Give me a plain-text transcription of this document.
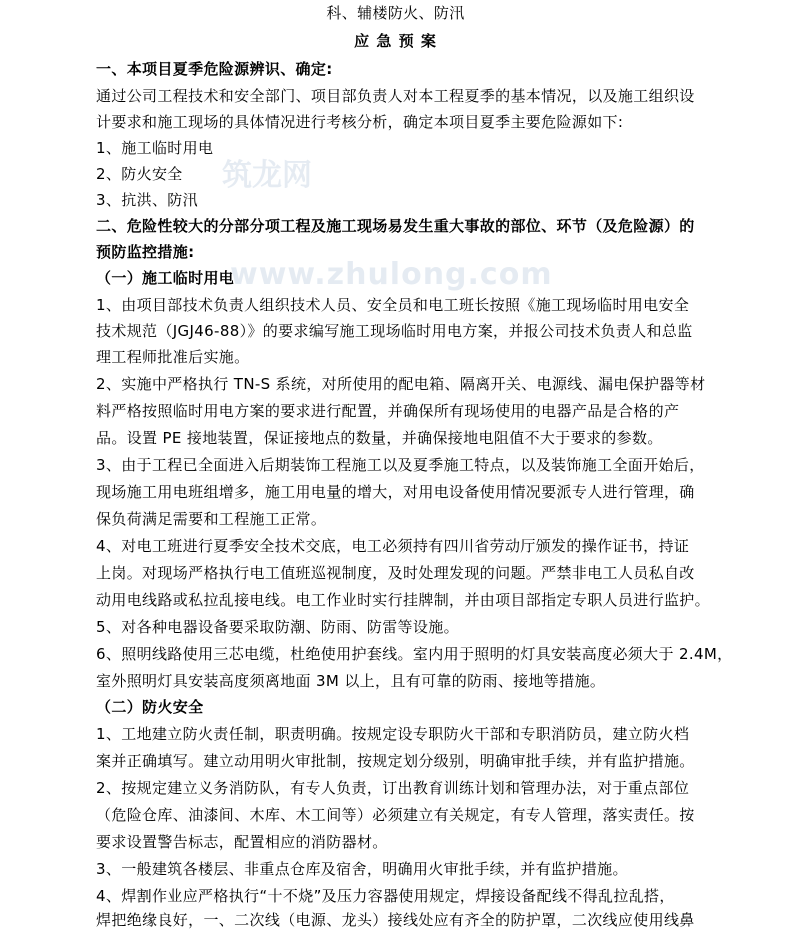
筑龙网
www.zhulong.com
科、辅楼防火、防汛
应 急 预 案
一、本项目夏季危险源辨识、确定:
通过公司工程技术和安全部门、项目部负责人对本工程夏季的基本情况，以及施工组织设
计要求和施工现场的具体情况进行考核分析，确定本项目夏季主要危险源如下:
1、施工临时用电
2、防火安全
3、抗洪、防汛
二、危险性较大的分部分项工程及施工现场易发生重大事故的部位、环节（及危险源）的
预防监控措施:
（一）施工临时用电
1、由项目部技术负责人组织技术人员、安全员和电工班长按照《施工现场临时用电安全
技术规范（JGJ46-88）》的要求编写施工现场临时用电方案，并报公司技术负责人和总监
理工程师批准后实施。
2、实施中严格执行 TN-S 系统，对所使用的配电箱、隔离开关、电源线、漏电保护器等材
料严格按照临时用电方案的要求进行配置，并确保所有现场使用的电器产品是合格的产
品。设置 PE 接地装置，保证接地点的数量，并确保接地电阻值不大于要求的参数。
3、由于工程已全面进入后期装饰工程施工以及夏季施工特点，以及装饰施工全面开始后，
现场施工用电班组增多，施工用电量的增大，对用电设备使用情况要派专人进行管理，确
保负荷满足需要和工程施工正常。
4、对电工班进行夏季安全技术交底，电工必须持有四川省劳动厅颁发的操作证书，持证
上岗。对现场严格执行电工值班巡视制度，及时处理发现的问题。严禁非电工人员私自改
动用电线路或私拉乱接电线。电工作业时实行挂牌制，并由项目部指定专职人员进行监护。
5、对各种电器设备要采取防潮、防雨、防雷等设施。
6、照明线路使用三芯电缆，杜绝使用护套线。室内用于照明的灯具安装高度必须大于 2.4M，
室外照明灯具安装高度须离地面 3M 以上，且有可靠的防雨、接地等措施。
（二）防火安全
1、工地建立防火责任制，职责明确。按规定设专职防火干部和专职消防员，建立防火档
案并正确填写。建立动用明火审批制，按规定划分级别，明确审批手续，并有监护措施。
2、按规定建立义务消防队，有专人负责，订出教育训练计划和管理办法，对于重点部位
（危险仓库、油漆间、木库、木工间等）必须建立有关规定，有专人管理，落实责任。按
要求设置警告标志，配置相应的消防器材。
3、一般建筑各楼层、非重点仓库及宿舍，明确用火审批手续，并有监护措施。
4、焊割作业应严格执行“十不烧”及压力容器使用规定，焊接设备配线不得乱拉乱搭，
焊把绝缘良好，一、二次线（电源、龙头）接线处应有齐全的防护罩，二次线应使用线鼻
